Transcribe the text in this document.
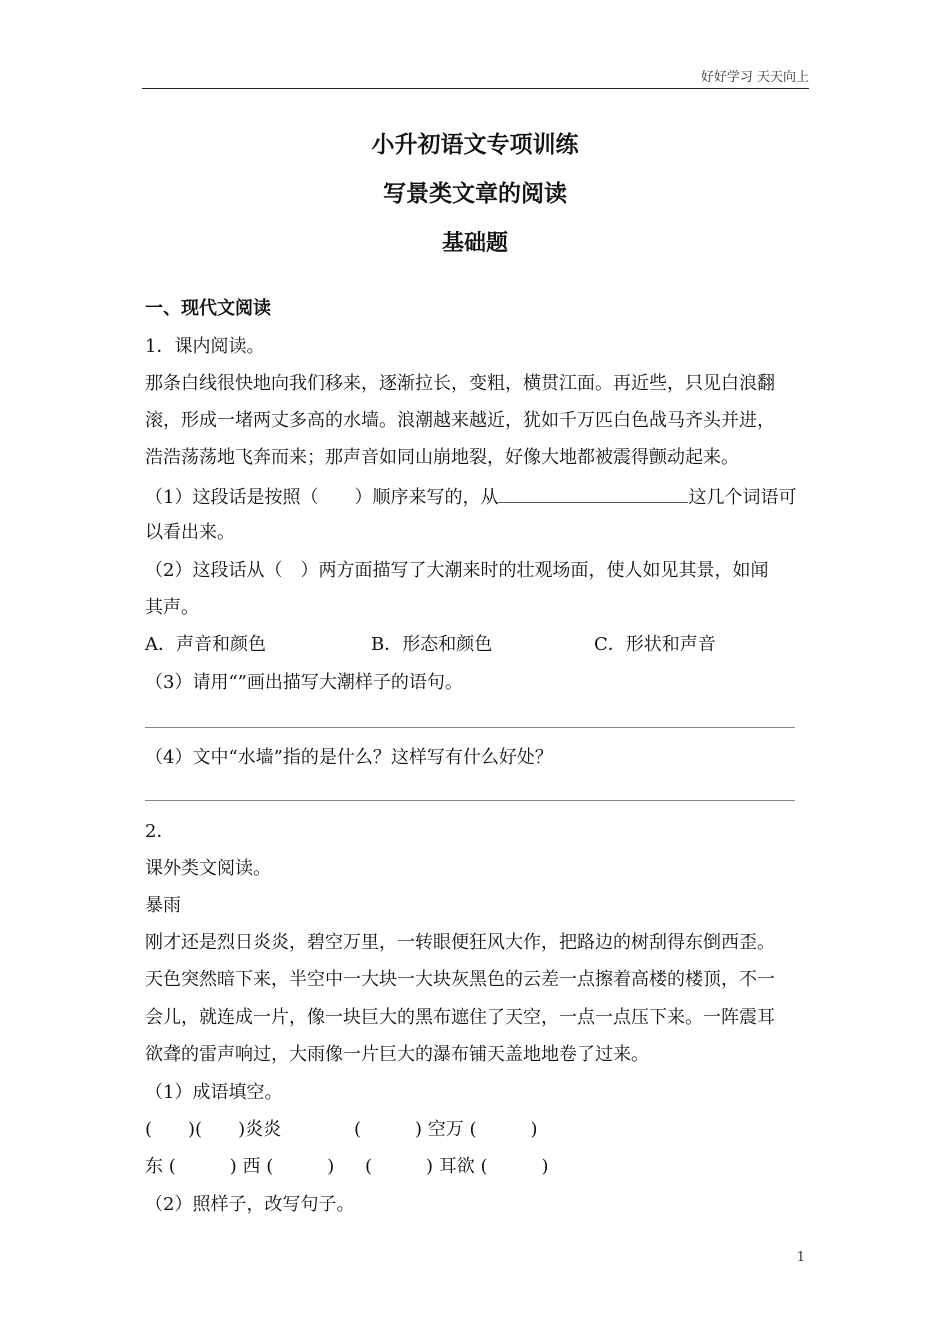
好好学习 天天向上
小升初语文专项训练
写景类文章的阅读
基础题
一、现代文阅读
1．课内阅读。
那条白线很快地向我们移来，逐渐拉长，变粗，横贯江面。再近些，只见白浪翻
滚，形成一堵两丈多高的水墙。浪潮越来越近，犹如千万匹白色战马齐头并进，
浩浩荡荡地飞奔而来；那声音如同山崩地裂，好像大地都被震得颤动起来。
（1）这段话是按照（　　）顺序来写的，从	这几个词语可
以看出来。
（2）这段话从（　）两方面描写了大潮来时的壮观场面，使人如见其景，如闻
其声。
A．声音和颜色	B．形态和颜色	C．形状和声音
（3）请用“”画出描写大潮样子的语句。
（4）文中“水墙”指的是什么？这样写有什么好处？
2．
课外类文阅读。
暴雨
刚才还是烈日炎炎，碧空万里，一转眼便狂风大作，把路边的树刮得东倒西歪。
天色突然暗下来，半空中一大块一大块灰黑色的云差一点擦着高楼的楼顶，不一
会儿，就连成一片，像一块巨大的黑布遮住了天空，一点一点压下来。一阵震耳
欲聋的雷声响过，大雨像一片巨大的瀑布铺天盖地地卷了过来。
（1）成语填空。
(　　)(　　)炎炎	(　　　) 空万 (　　　)
东 (　　　) 西 (　　　) (　　　) 耳欲 (　　　)
（2）照样子，改写句子。
1
